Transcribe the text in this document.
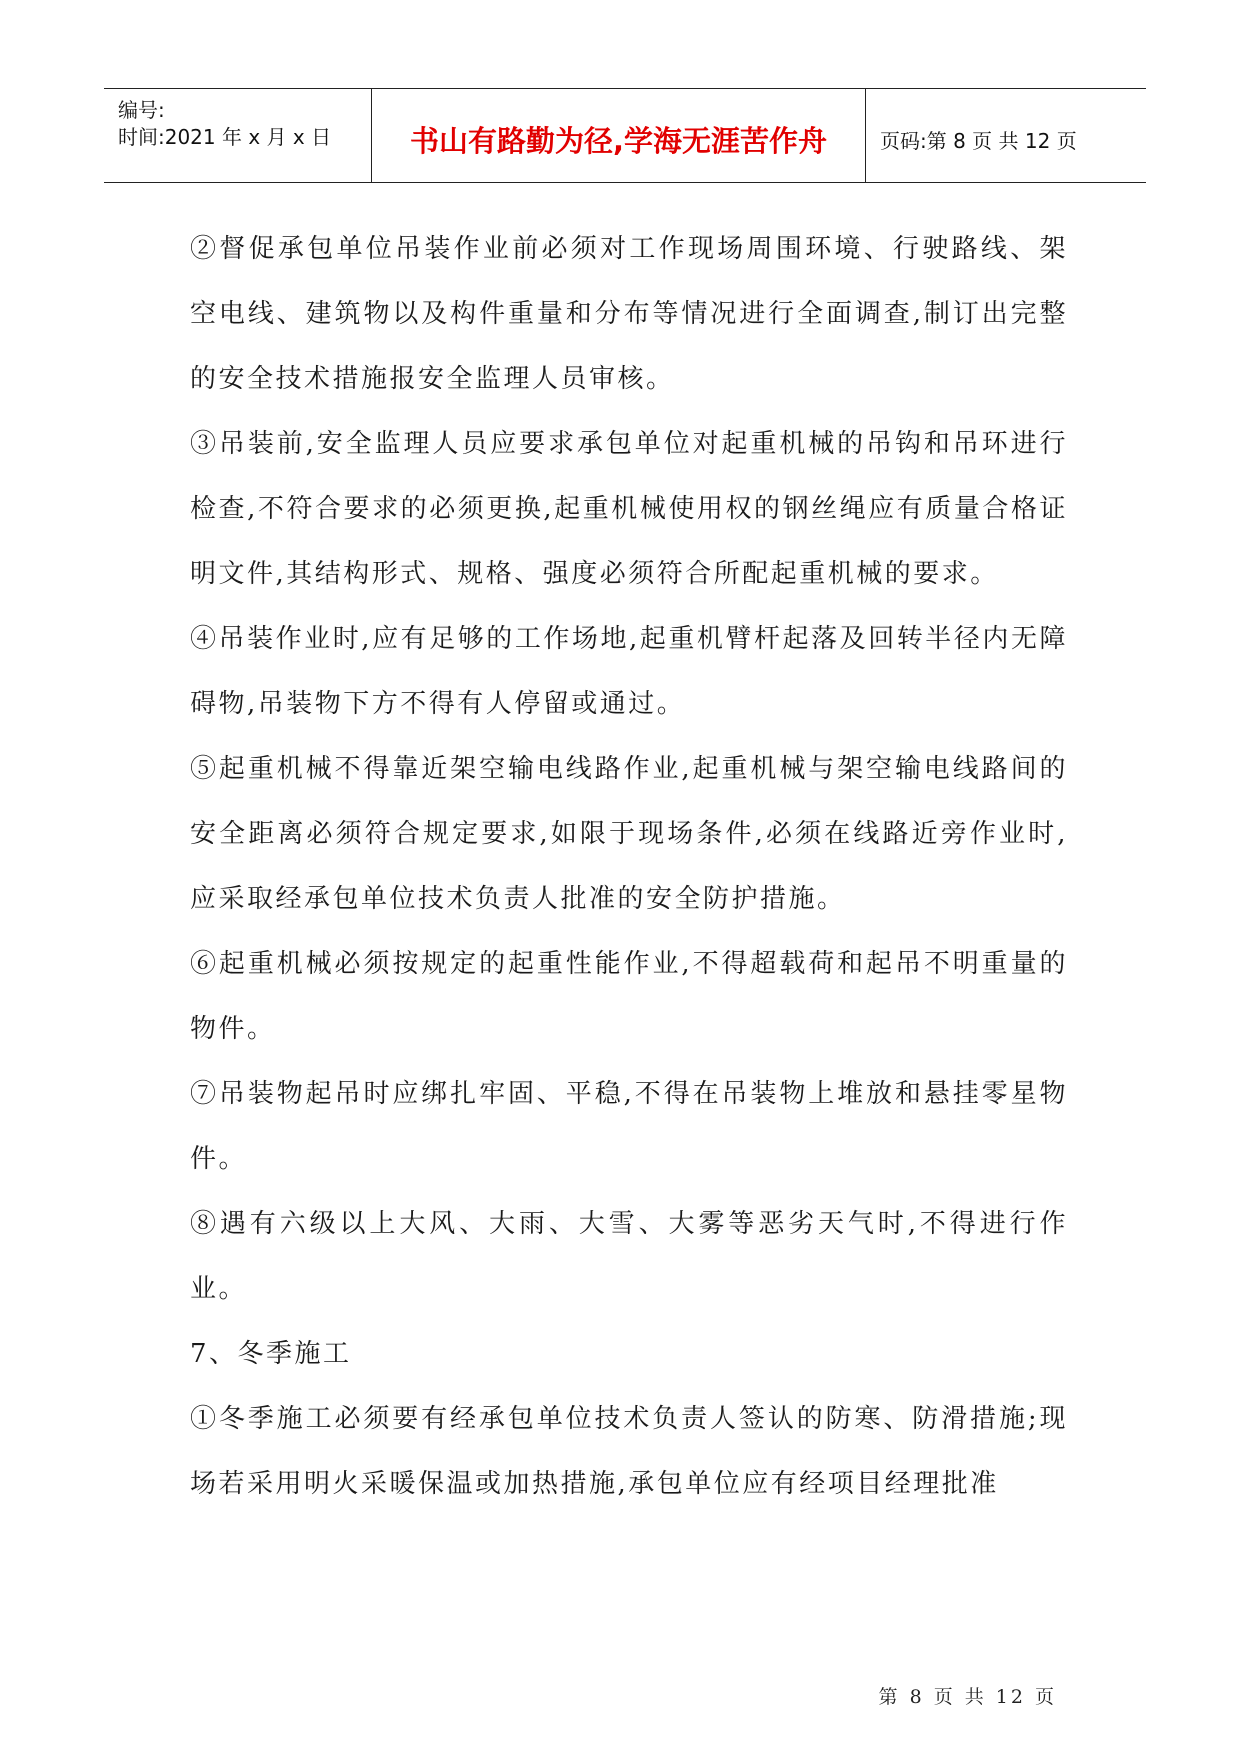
编号:
时间:2021 年 x 月 x 日	书山有路勤为径,学海无涯苦作舟	页码:第 8 页 共 12 页

②督促承包单位吊装作业前必须对工作现场周围环境、行驶路线、架空电线、建筑物以及构件重量和分布等情况进行全面调查,制订出完整的安全技术措施报安全监理人员审核。

③吊装前,安全监理人员应要求承包单位对起重机械的吊钩和吊环进行检查,不符合要求的必须更换,起重机械使用权的钢丝绳应有质量合格证明文件,其结构形式、规格、强度必须符合所配起重机械的要求。

④吊装作业时,应有足够的工作场地,起重机臂杆起落及回转半径内无障碍物,吊装物下方不得有人停留或通过。

⑤起重机械不得靠近架空输电线路作业,起重机械与架空输电线路间的安全距离必须符合规定要求,如限于现场条件,必须在线路近旁作业时,应采取经承包单位技术负责人批准的安全防护措施。

⑥起重机械必须按规定的起重性能作业,不得超载荷和起吊不明重量的物件。

⑦吊装物起吊时应绑扎牢固、平稳,不得在吊装物上堆放和悬挂零星物件。

⑧遇有六级以上大风、大雨、大雪、大雾等恶劣天气时,不得进行作业。

7、冬季施工

①冬季施工必须要有经承包单位技术负责人签认的防寒、防滑措施;现场若采用明火采暖保温或加热措施,承包单位应有经项目经理批准

第 8 页 共 12 页
